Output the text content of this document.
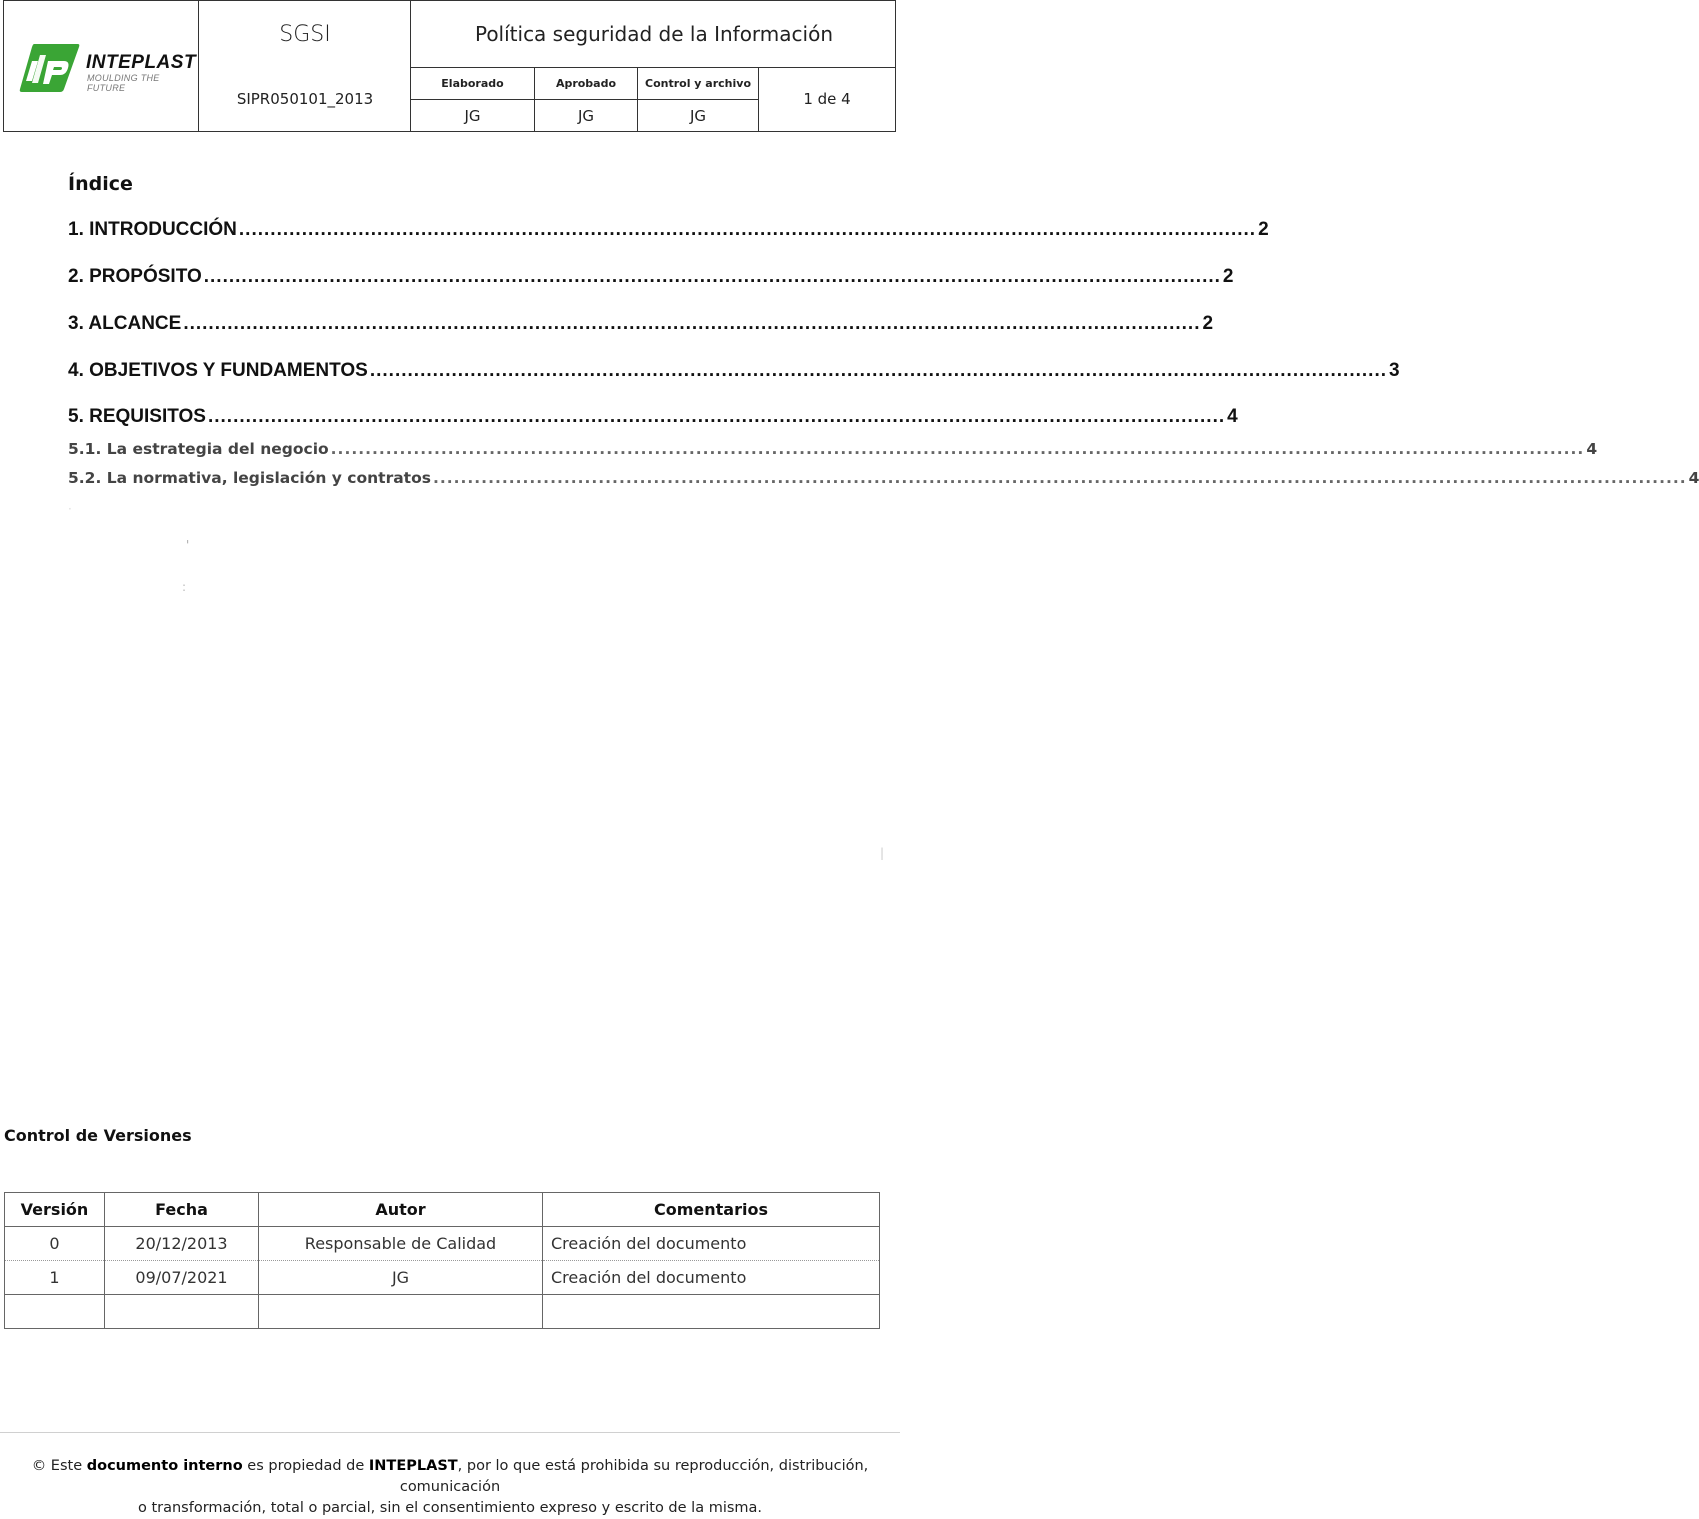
INTEPLAST
MOULDING THE FUTURE
SGSI
SIPR050101_2013
Política seguridad de la Información
Elaborado	Aprobado	Control y archivo
JG	JG	JG
1 de 4
Índice
1. INTRODUCCIÓN .................................................................................................................................................................. 2
2. PROPÓSITO .................................................................................................................................................................. 2
3. ALCANCE .................................................................................................................................................................. 2
4. OBJETIVOS Y FUNDAMENTOS .................................................................................................................................................................. 3
5. REQUISITOS .................................................................................................................................................................. 4
5.1. La estrategia del negocio ...................................................................................................................................................................................... 4
5.2. La normativa, legislación y contratos ...................................................................................................................................................................................... 4
·
'
:
|
Control de Versiones
Versión	Fecha	Autor	Comentarios
0	20/12/2013	Responsable de Calidad	Creación del documento
1	09/07/2021	JG	Creación del documento

© Este documento interno es propiedad de INTEPLAST, por lo que está prohibida su reproducción, distribución, comunicación
o transformación, total o parcial, sin el consentimiento expreso y escrito de la misma.
